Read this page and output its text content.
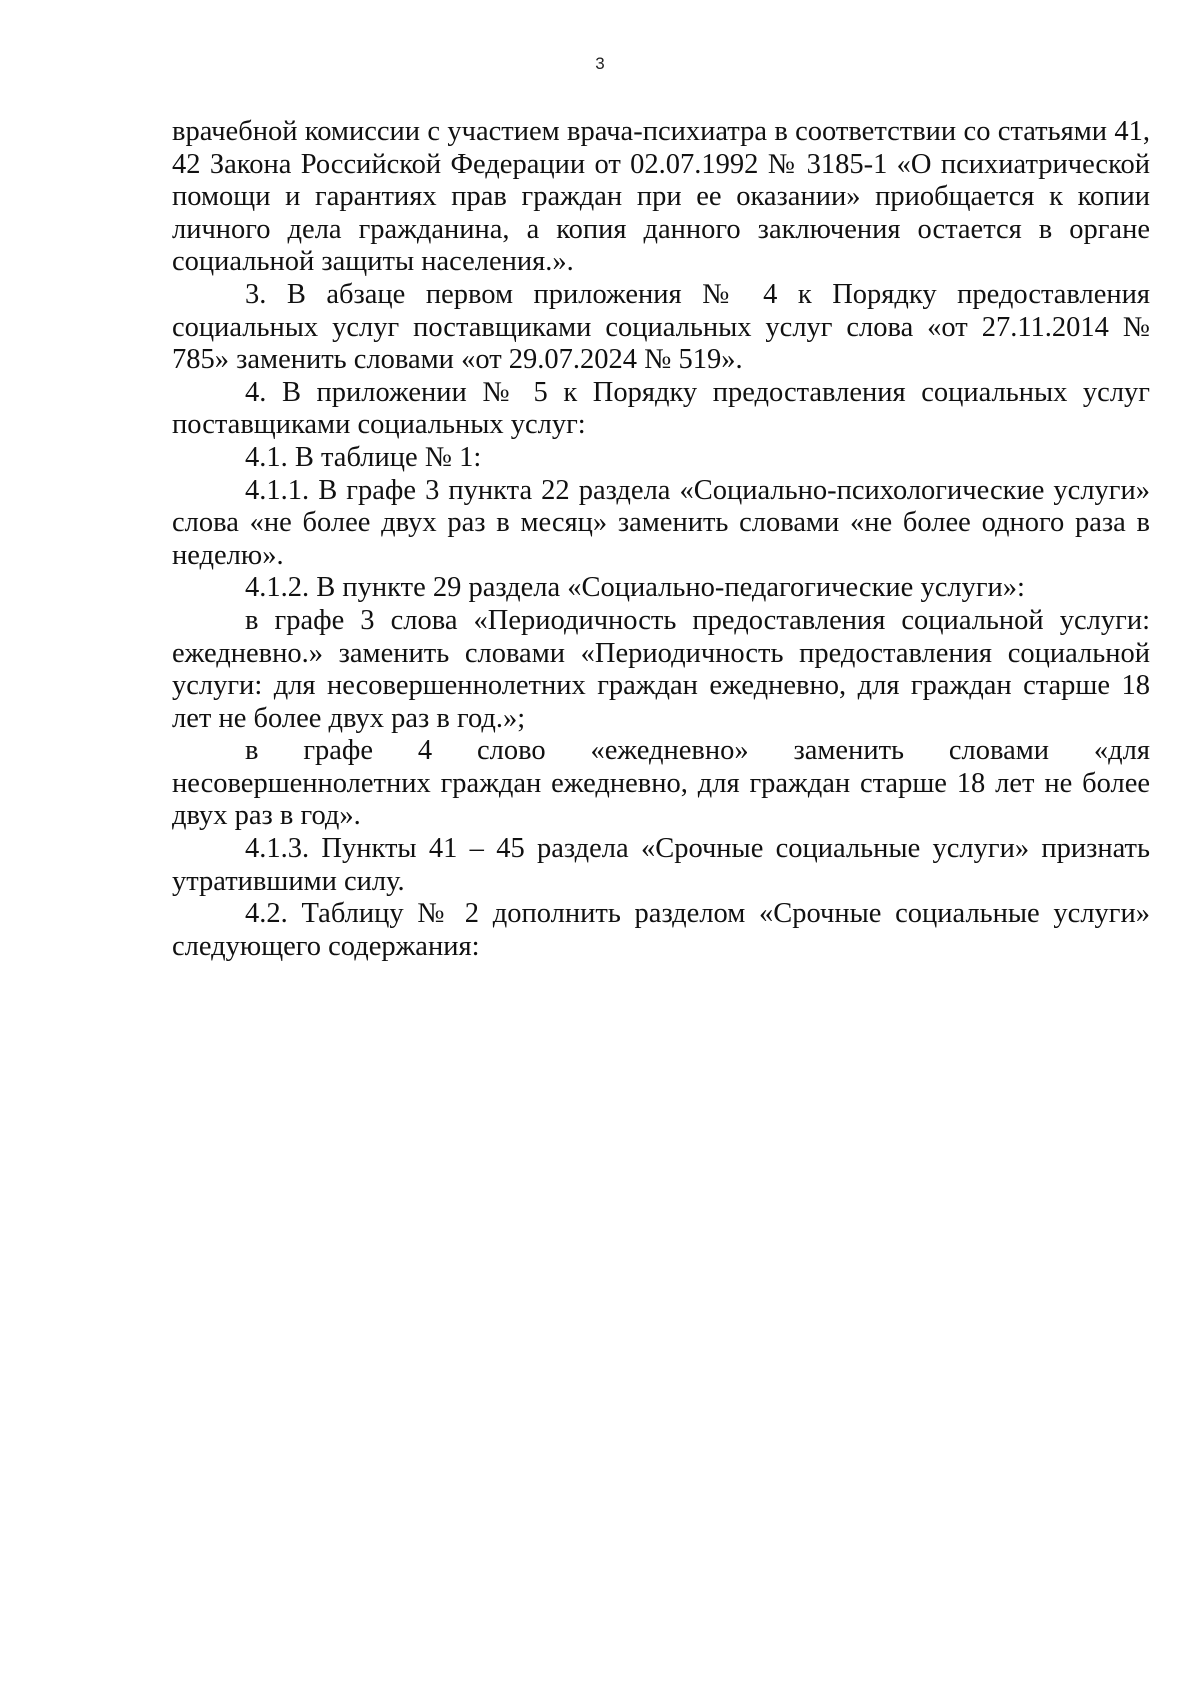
3

врачебной комиссии с участием врача-психиатра в соответствии со статьями 41, 42 Закона Российской Федерации от 02.07.1992 № 3185-1 «О психиатрической помощи и гарантиях прав граждан при ее оказании» приобщается к копии личного дела гражданина, а копия данного заключения остается в органе социальной защиты населения.».

3. В абзаце первом приложения № 4 к Порядку предоставления социальных услуг поставщиками социальных услуг слова «от 27.11.2014 № 785» заменить словами «от 29.07.2024 № 519».

4. В приложении № 5 к Порядку предоставления социальных услуг поставщиками социальных услуг:

4.1. В таблице № 1:

4.1.1. В графе 3 пункта 22 раздела «Социально-психологические услуги» слова «не более двух раз в месяц» заменить словами «не более одного раза в неделю».

4.1.2. В пункте 29 раздела «Социально-педагогические услуги»:

в графе 3 слова «Периодичность предоставления социальной услуги: ежедневно.» заменить словами «Периодичность предоставления социальной услуги: для несовершеннолетних граждан ежедневно, для граждан старше 18 лет не более двух раз в год.»;

в графе 4 слово «ежедневно» заменить словами «для несовершеннолетних граждан ежедневно, для граждан старше 18 лет не более двух раз в год».

4.1.3. Пункты 41 – 45 раздела «Срочные социальные услуги» признать утратившими силу.

4.2. Таблицу № 2 дополнить разделом «Срочные социальные услуги» следующего содержания:
